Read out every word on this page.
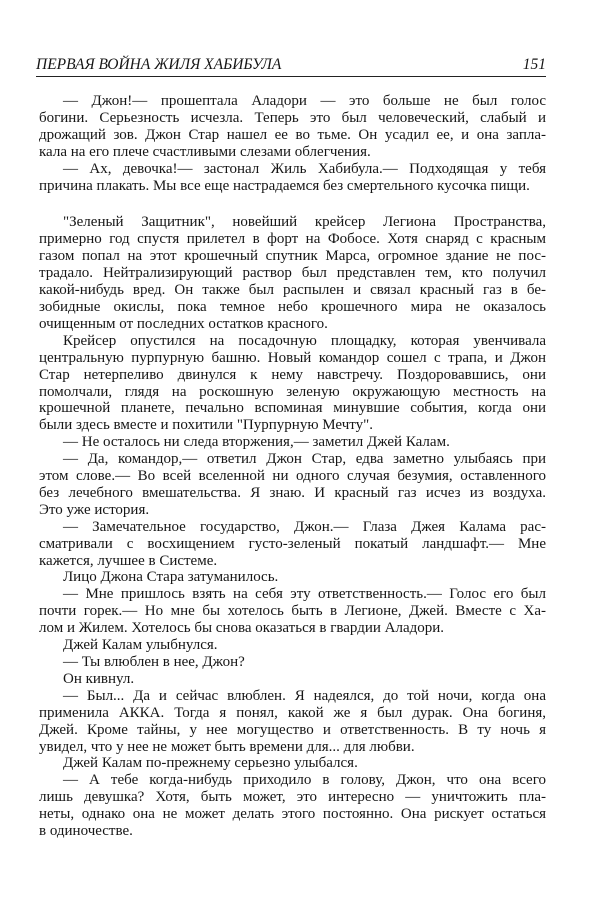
ПЕРВАЯ ВОЙНА ЖИЛЯ ХАБИБУЛА	151
— Джон!— прошептала Аладори — это больше не был голос
богини. Серьезность исчезла. Теперь это был человеческий, слабый и
дрожащий зов. Джон Стар нашел ее во тьме. Он усадил ее, и она запла-
кала на его плече счастливыми слезами облегчения.
— Ах, девочка!— застонал Жиль Хабибула.— Подходящая у тебя
причина плакать. Мы все еще настрадаемся без смертельного кусочка пищи.
"Зеленый Защитник", новейший крейсер Легиона Пространства,
примерно год спустя прилетел в форт на Фобосе. Хотя снаряд с красным
газом попал на этот крошечный спутник Марса, огромное здание не пос-
традало. Нейтрализирующий раствор был представлен тем, кто получил
какой-нибудь вред. Он также был распылен и связал красный газ в бе-
зобидные окислы, пока темное небо крошечного мира не оказалось
очищенным от последних остатков красного.
Крейсер опустился на посадочную площадку, которая увенчивала
центральную пурпурную башню. Новый командор сошел с трапа, и Джон
Стар нетерпеливо двинулся к нему навстречу. Поздоровавшись, они
помолчали, глядя на роскошную зеленую окружающую местность на
крошечной планете, печально вспоминая минувшие события, когда они
были здесь вместе и похитили "Пурпурную Мечту".
— Не осталось ни следа вторжения,— заметил Джей Калам.
— Да, командор,— ответил Джон Стар, едва заметно улыбаясь при
этом слове.— Во всей вселенной ни одного случая безумия, оставленного
без лечебного вмешательства. Я знаю. И красный газ исчез из воздуха.
Это уже история.
— Замечательное государство, Джон.— Глаза Джея Калама рас-
сматривали с восхищением густо-зеленый покатый ландшафт.— Мне
кажется, лучшее в Системе.
Лицо Джона Стара затуманилось.
— Мне пришлось взять на себя эту ответственность.— Голос его был
почти горек.— Но мне бы хотелось быть в Легионе, Джей. Вместе с Ха-
лом и Жилем. Хотелось бы снова оказаться в гвардии Аладори.
Джей Калам улыбнулся.
— Ты влюблен в нее, Джон?
Он кивнул.
— Был... Да и сейчас влюблен. Я надеялся, до той ночи, когда она
применила АККА. Тогда я понял, какой же я был дурак. Она богиня,
Джей. Кроме тайны, у нее могущество и ответственность. В ту ночь я
увидел, что у нее не может быть времени для... для любви.
Джей Калам по-прежнему серьезно улыбался.
— А тебе когда-нибудь приходило в голову, Джон, что она всего
лишь девушка? Хотя, быть может, это интересно — уничтожить пла-
неты, однако она не может делать этого постоянно. Она рискует остаться
в одиночестве.
